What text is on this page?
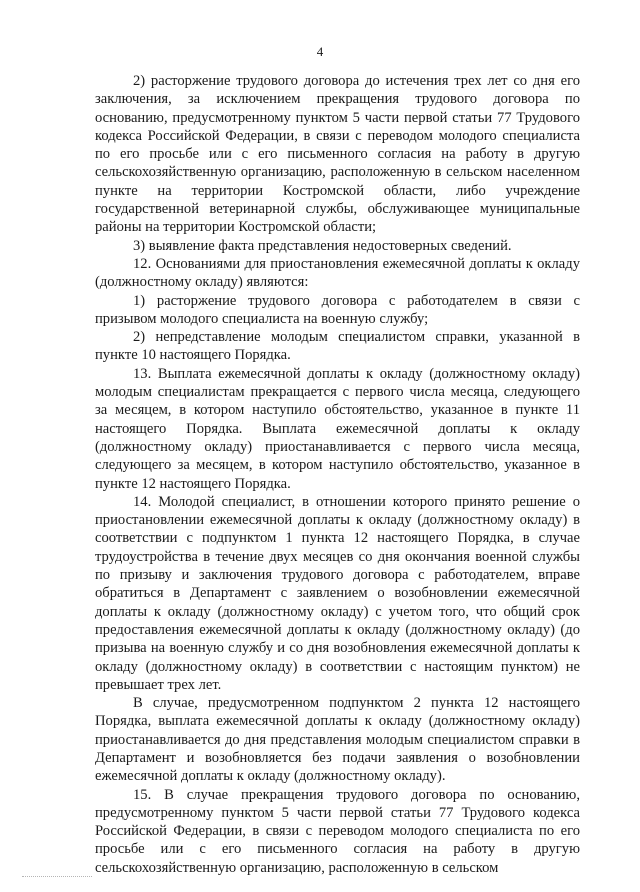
4

2) расторжение трудового договора до истечения трех лет со дня его заключения, за исключением прекращения трудового договора по основанию, предусмотренному пунктом 5 части первой статьи 77 Трудового кодекса Российской Федерации, в связи с переводом молодого специалиста по его просьбе или с его письменного согласия на работу в другую сельскохозяйственную организацию, расположенную в сельском населенном пункте на территории Костромской области, либо учреждение государственной ветеринарной службы, обслуживающее муниципальные районы на территории Костромской области;

3) выявление факта представления недостоверных сведений.

12. Основаниями для приостановления ежемесячной доплаты к окладу (должностному окладу) являются:

1) расторжение трудового договора с работодателем в связи с призывом молодого специалиста на военную службу;

2) непредставление молодым специалистом справки, указанной в пункте 10 настоящего Порядка.

13. Выплата ежемесячной доплаты к окладу (должностному окладу) молодым специалистам прекращается с первого числа месяца, следующего за месяцем, в котором наступило обстоятельство, указанное в пункте 11 настоящего Порядка. Выплата ежемесячной доплаты к окладу (должностному окладу) приостанавливается с первого числа месяца, следующего за месяцем, в котором наступило обстоятельство, указанное в пункте 12 настоящего Порядка.

14. Молодой специалист, в отношении которого принято решение о приостановлении ежемесячной доплаты к окладу (должностному окладу) в соответствии с подпунктом 1 пункта 12 настоящего Порядка, в случае трудоустройства в течение двух месяцев со дня окончания военной службы по призыву и заключения трудового договора с работодателем, вправе обратиться в Департамент с заявлением о возобновлении ежемесячной доплаты к окладу (должностному окладу) с учетом того, что общий срок предоставления ежемесячной доплаты к окладу (должностному окладу) (до призыва на военную службу и со дня возобновления ежемесячной доплаты к окладу (должностному окладу) в соответствии с настоящим пунктом) не превышает трех лет.

В случае, предусмотренном подпунктом 2 пункта 12 настоящего Порядка, выплата ежемесячной доплаты к окладу (должностному окладу) приостанавливается до дня представления молодым специалистом справки в Департамент и возобновляется без подачи заявления о возобновлении ежемесячной доплаты к окладу (должностному окладу).

15. В случае прекращения трудового договора по основанию, предусмотренному пунктом 5 части первой статьи 77 Трудового кодекса Российской Федерации, в связи с переводом молодого специалиста по его просьбе или с его письменного согласия на работу в другую сельскохозяйственную организацию, расположенную в сельском
